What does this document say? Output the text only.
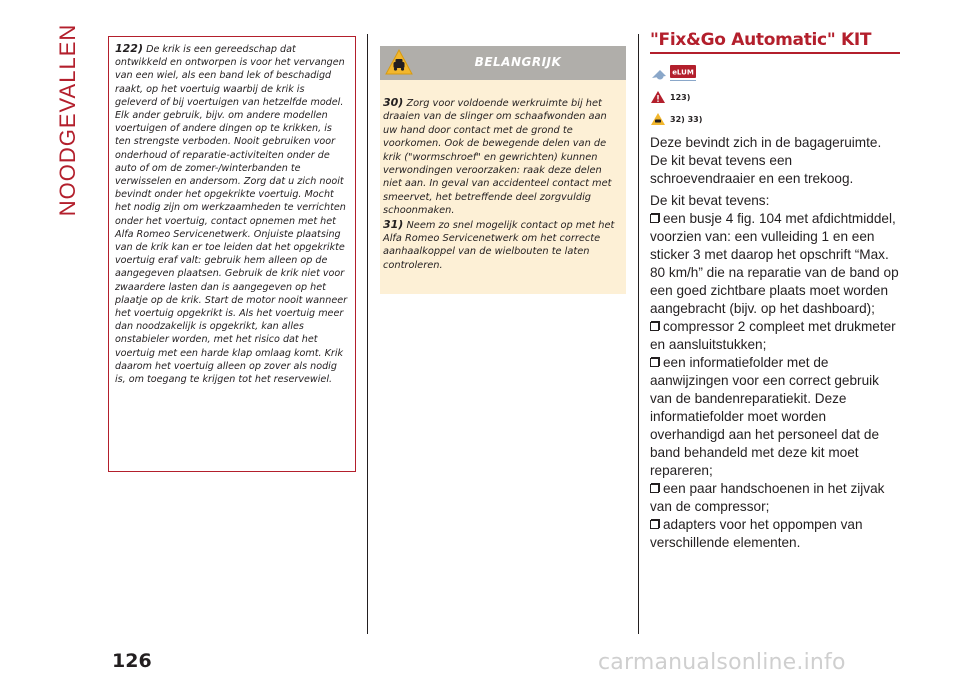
NOODGEVALLEN	122) De krik is een gereedschap dat ontwikkeld en ontworpen is voor het vervangen van een wiel, als een band lek of beschadigd raakt, op het voertuig waarbij de krik is geleverd of bij voertuigen van hetzelfde model. Elk ander gebruik, bijv. om andere modellen voertuigen of andere dingen op te krikken, is ten strengste verboden. Nooit gebruiken voor onderhoud of reparatie-activiteiten onder de auto of om de zomer-/winterbanden te verwisselen en andersom. Zorg dat u zich nooit bevindt onder het opgekrikte voertuig. Mocht het nodig zijn om werkzaamheden te verrichten onder het voertuig, contact opnemen met het Alfa Romeo Servicenetwerk. Onjuiste plaatsing van de krik kan er toe leiden dat het opgekrikte voertuig eraf valt: gebruik hem alleen op de aangegeven plaatsen. Gebruik de krik niet voor zwaardere lasten dan is aangegeven op het plaatje op de krik. Start de motor nooit wanneer het voertuig opgekrikt is. Als het voertuig meer dan noodzakelijk is opgekrikt, kan alles onstabieler worden, met het risico dat het voertuig met een harde klap omlaag komt. Krik daarom het voertuig alleen op zover als nodig is, om toegang te krijgen tot het reservewiel.
BELANGRIJK
30) Zorg voor voldoende werkruimte bij het draaien van de slinger om schaafwonden aan uw hand door contact met de grond te voorkomen. Ook de bewegende delen van de krik ("wormschroef" en gewrichten) kunnen verwondingen veroorzaken: raak deze delen niet aan. In geval van accidenteel contact met smeervet, het betreffende deel zorgvuldig schoonmaken.
31) Neem zo snel mogelijk contact op met het Alfa Romeo Servicenetwerk om het correcte aanhaalkoppel van de wielbouten te laten controleren.
"Fix&Go Automatic" KIT
eLUM
123)
32) 33)

Deze bevindt zich in de bagageruimte. De kit bevat tevens een schroevendraaier en een trekoog.

De kit bevat tevens:

een busje 4 fig. 104 met afdichtmiddel, voorzien van: een vulleiding 1 en een sticker 3 met daarop het opschrift “Max. 80 km/h” die na reparatie van de band op een goed zichtbare plaats moet worden aangebracht (bijv. op het dashboard);
compressor 2 compleet met drukmeter en aansluitstukken;
een informatiefolder met de aanwijzingen voor een correct gebruik van de bandenreparatiekit. Deze informatiefolder moet worden overhandigd aan het personeel dat de band behandeld met deze kit moet repareren;
een paar handschoenen in het zijvak van de compressor;
adapters voor het oppompen van verschillende elementen.
126	carmanualsonline.info
